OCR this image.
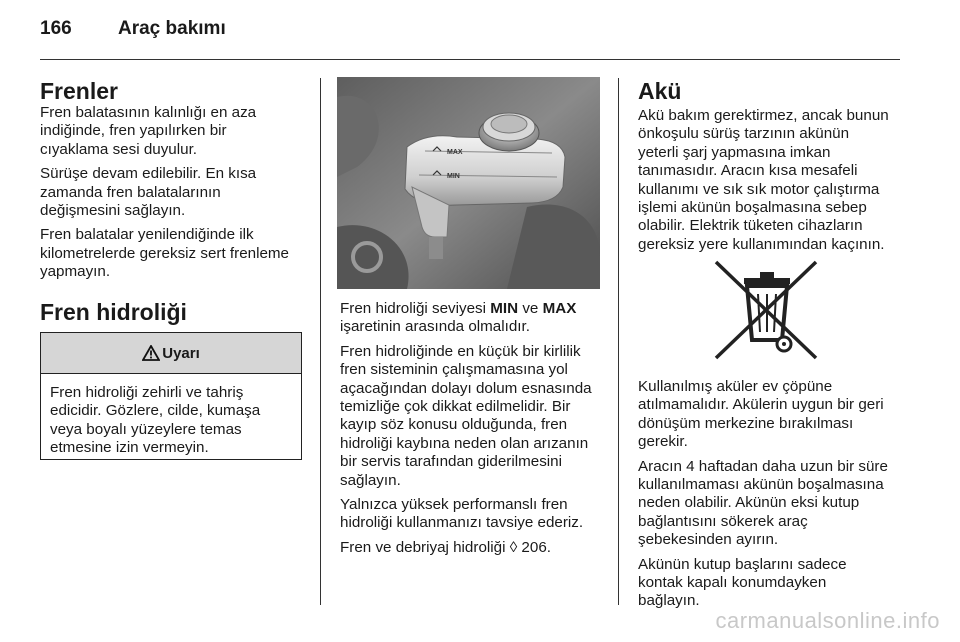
166 Araç bakımı
Frenler

Fren balatasının kalınlığı en aza
indiğinde, fren yapılırken bir
cıyaklama sesi duyulur.

Sürüşe devam edilebilir. En kısa
zamanda fren balatalarının
değişmesini sağlayın.

Fren balatalar yenilendiğinde ilk
kilometrelerde gereksiz sert frenleme
yapmayın.

Fren hidroliği
Uyarı
Fren hidroliği zehirli ve tahriş
edicidir. Gözlere, cilde, kumaşa
veya boyalı yüzeylere temas
etmesine izin vermeyin.
MAX
MIN

Fren hidroliği seviyesi MIN ve MAX
işaretinin arasında olmalıdır.

Fren hidroliğinde en küçük bir kirlilik
fren sisteminin çalışmamasına yol
açacağından dolayı dolum esnasında
temizliğe çok dikkat edilmelidir. Bir
kayıp söz konusu olduğunda, fren
hidroliği kaybına neden olan arızanın
bir servis tarafından giderilmesini
sağlayın.

Yalnızca yüksek performanslı fren
hidroliği kullanmanızı tavsiye ederiz.

Fren ve debriyaj hidroliği ◊ 206.

Akü

Akü bakım gerektirmez, ancak bunun
önkoşulu sürüş tarzının akünün
yeterli şarj yapmasına imkan
tanımasıdır. Aracın kısa mesafeli
kullanımı ve sık sık motor çalıştırma
işlemi akünün boşalmasına sebep
olabilir. Elektrik tüketen cihazların
gereksiz yere kullanımından kaçının.

Kullanılmış aküler ev çöpüne
atılmamalıdır. Akülerin uygun bir geri
dönüşüm merkezine bırakılması
gerekir.

Aracın 4 haftadan daha uzun bir süre
kullanılmaması akünün boşalmasına
neden olabilir. Akünün eksi kutup
bağlantısını sökerek araç
şebekesinden ayırın.

Akünün kutup başlarını sadece
kontak kapalı konumdayken
bağlayın.

carmanualsonline.info
